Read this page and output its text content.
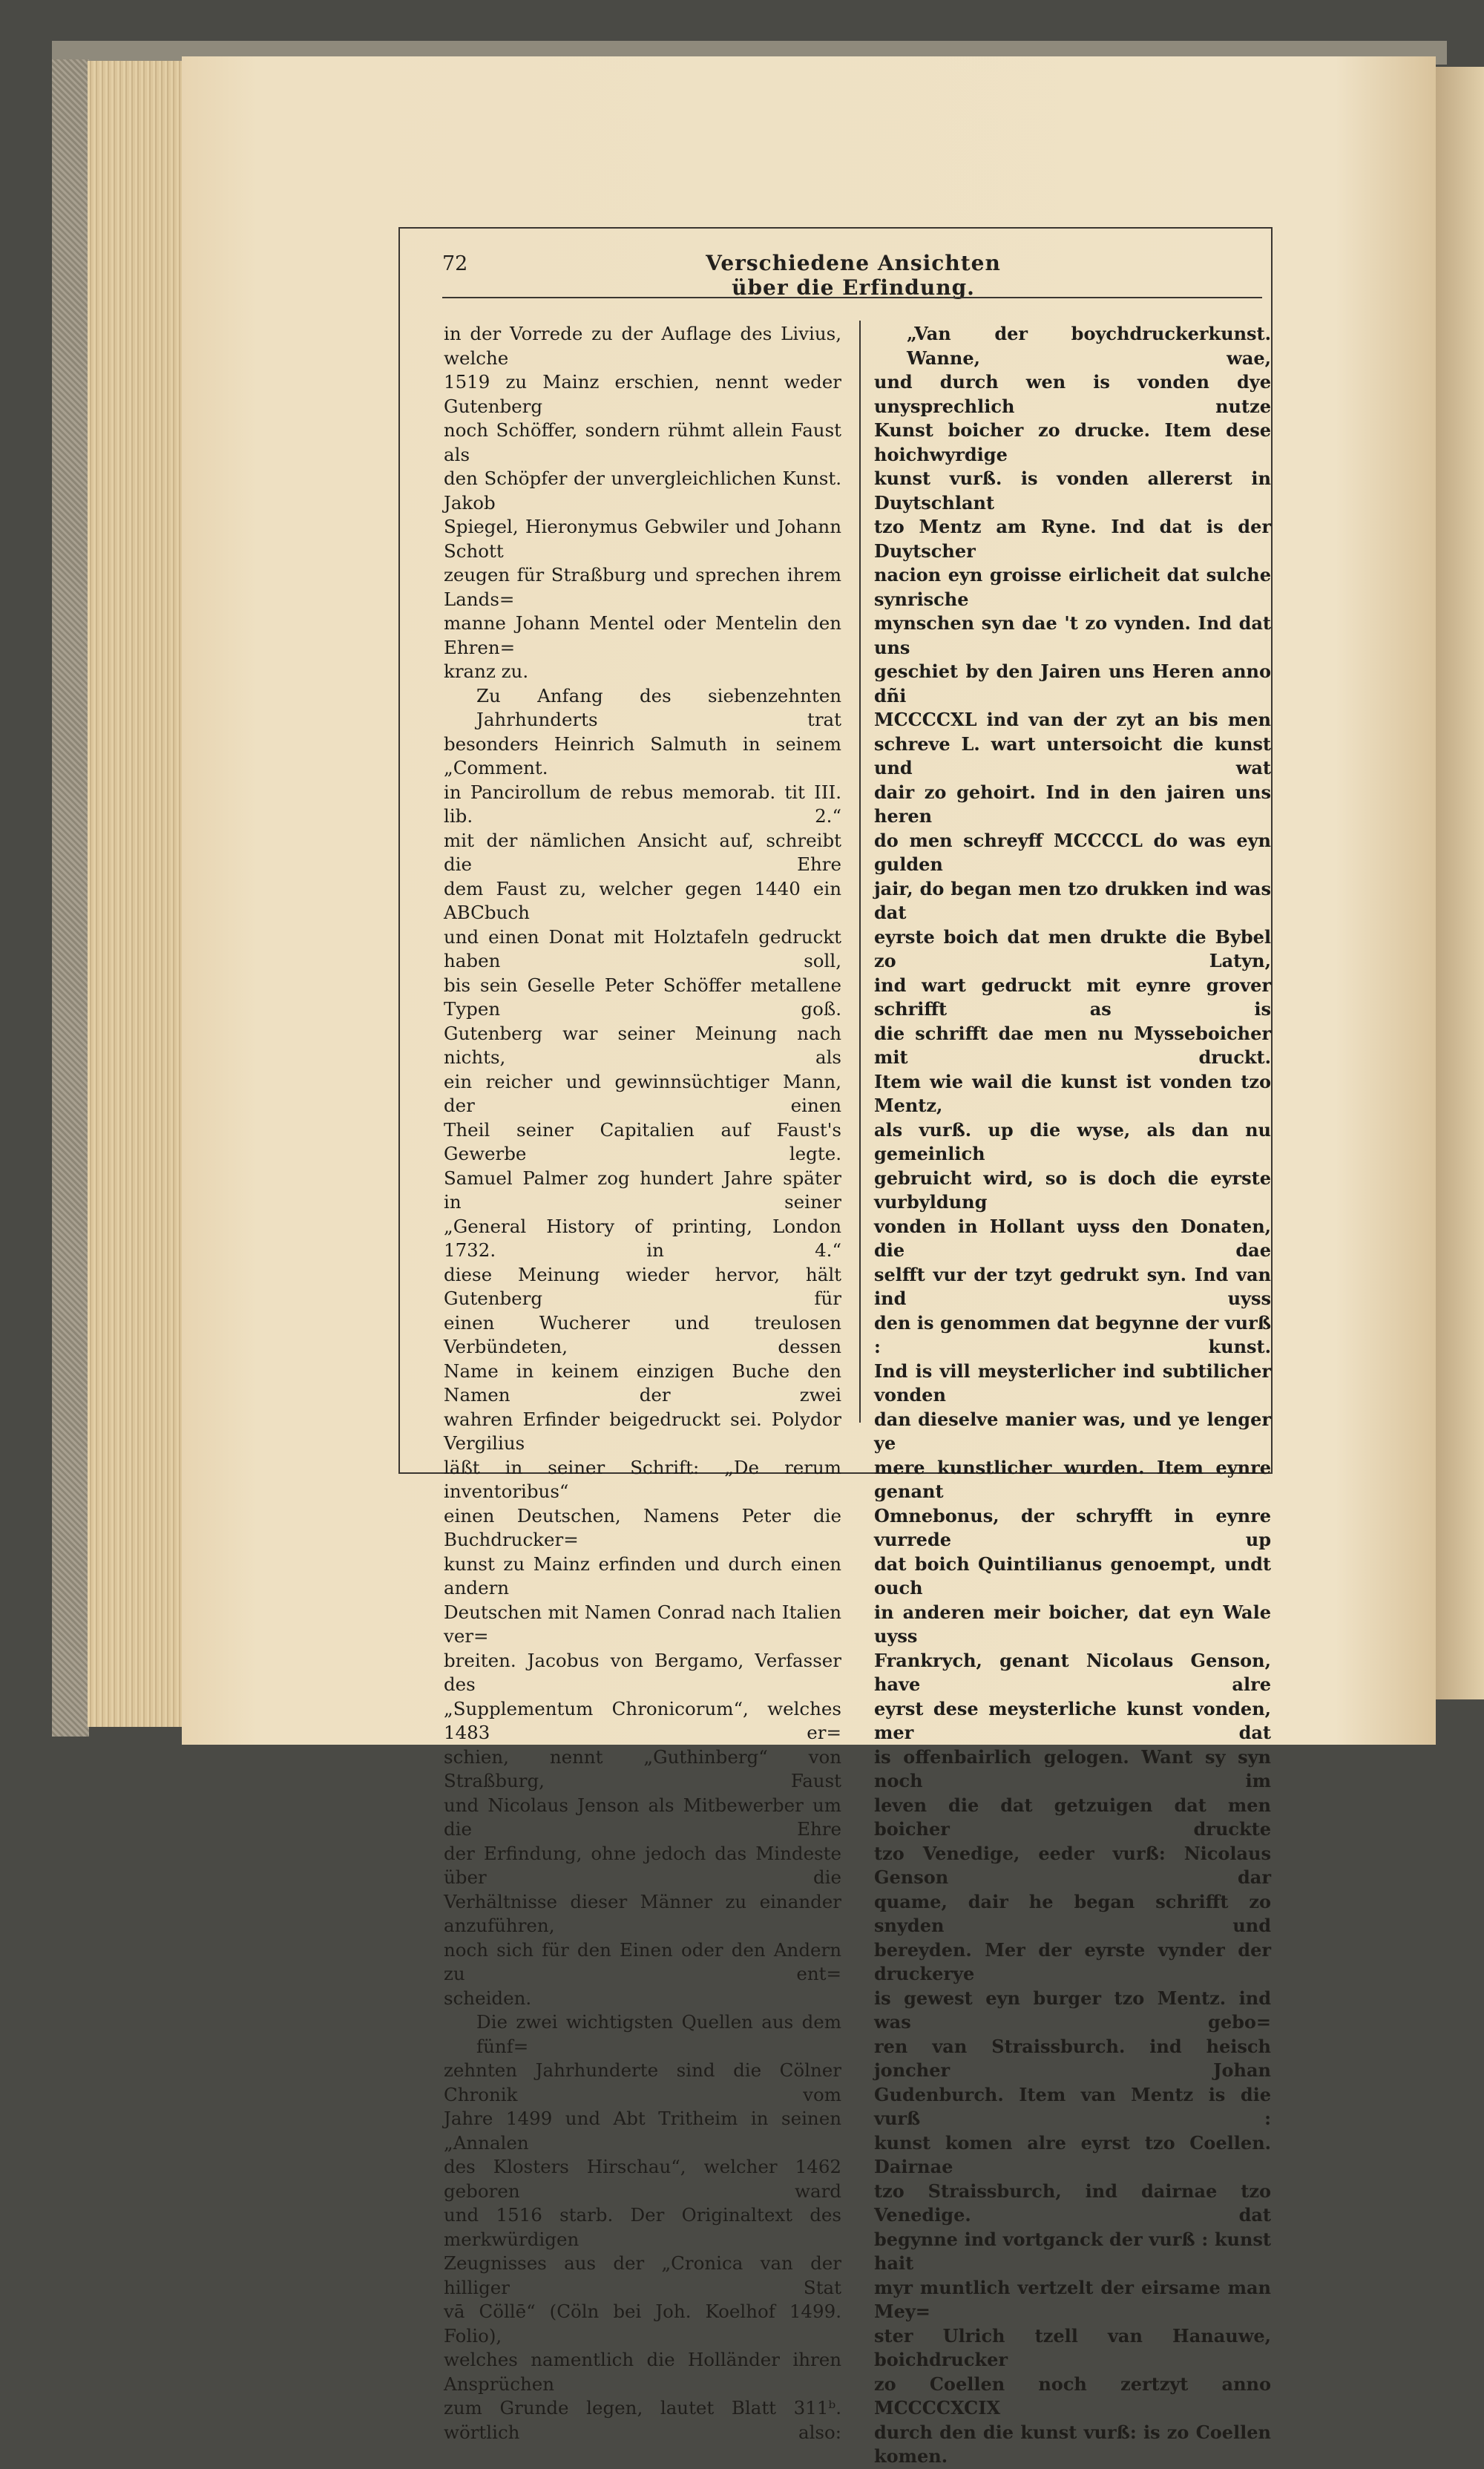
72	Verschiedene Ansichten über die Erfindung.
in der Vorrede zu der Auflage des Livius, welche
1519 zu Mainz erschien, nennt weder Gutenberg
noch Schöffer, sondern rühmt allein Faust als
den Schöpfer der unvergleichlichen Kunst. Jakob
Spiegel, Hieronymus Gebwiler und Johann Schott
zeugen für Straßburg und sprechen ihrem Lands=
manne Johann Mentel oder Mentelin den Ehren=
kranz zu.
Zu Anfang des siebenzehnten Jahrhunderts trat
besonders Heinrich Salmuth in seinem „Comment.
in Pancirollum de rebus memorab. tit III. lib. 2.“
mit der nämlichen Ansicht auf, schreibt die Ehre
dem Faust zu, welcher gegen 1440 ein ABCbuch
und einen Donat mit Holztafeln gedruckt haben soll,
bis sein Geselle Peter Schöffer metallene Typen goß.
Gutenberg war seiner Meinung nach nichts, als
ein reicher und gewinnsüchtiger Mann, der einen
Theil seiner Capitalien auf Faust's Gewerbe legte.
Samuel Palmer zog hundert Jahre später in seiner
„General History of printing, London 1732. in 4.“
diese Meinung wieder hervor, hält Gutenberg für
einen Wucherer und treulosen Verbündeten, dessen
Name in keinem einzigen Buche den Namen der zwei
wahren Erfinder beigedruckt sei. Polydor Vergilius
läßt in seiner Schrift: „De rerum inventoribus“
einen Deutschen, Namens Peter die Buchdrucker=
kunst zu Mainz erfinden und durch einen andern
Deutschen mit Namen Conrad nach Italien ver=
breiten. Jacobus von Bergamo, Verfasser des
„Supplementum Chronicorum“, welches 1483 er=
schien, nennt „Guthinberg“ von Straßburg, Faust
und Nicolaus Jenson als Mitbewerber um die Ehre
der Erfindung, ohne jedoch das Mindeste über die
Verhältnisse dieser Männer zu einander anzuführen,
noch sich für den Einen oder den Andern zu ent=
scheiden.
Die zwei wichtigsten Quellen aus dem fünf=
zehnten Jahrhunderte sind die Cölner Chronik vom
Jahre 1499 und Abt Tritheim in seinen „Annalen
des Klosters Hirschau“, welcher 1462 geboren ward
und 1516 starb. Der Originaltext des merkwürdigen
Zeugnisses aus der „Cronica van der hilliger Stat
vā Cöllē“ (Cöln bei Joh. Koelhof 1499. Folio),
welches namentlich die Holländer ihren Ansprüchen
zum Grunde legen, lautet Blatt 311ᵇ. wörtlich also:
„Van der boychdruckerkunst. Wanne, wae,
und durch wen is vonden dye unysprechlich nutze
Kunst boicher zo drucke. Item dese hoichwyrdige
kunst vurß. is vonden allererst in Duytschlant
tzo Mentz am Ryne. Ind dat is der Duytscher
nacion eyn groisse eirlicheit dat sulche synrische
mynschen syn dae 't zo vynden. Ind dat uns
geschiet by den Jairen uns Heren anno dñi
MCCCCXL ind van der zyt an bis men
schreve L. wart untersoicht die kunst und wat
dair zo gehoirt. Ind in den jairen uns heren
do men schreyff MCCCCL do was eyn gulden
jair, do began men tzo drukken ind was dat
eyrste boich dat men drukte die Bybel zo Latyn,
ind wart gedruckt mit eynre grover schrifft as is
die schrifft dae men nu Mysseboicher mit druckt.
Item wie wail die kunst ist vonden tzo Mentz,
als vurß. up die wyse, als dan nu gemeinlich
gebruicht wird, so is doch die eyrste vurbyldung
vonden in Hollant uyss den Donaten, die dae
selfft vur der tzyt gedrukt syn. Ind van ind uyss
den is genommen dat begynne der vurß : kunst.
Ind is vill meysterlicher ind subtilicher vonden
dan dieselve manier was, und ye lenger ye
mere kunstlicher wurden. Item eynre genant
Omnebonus, der schryfft in eynre vurrede up
dat boich Quintilianus genoempt, undt ouch
in anderen meir boicher, dat eyn Wale uyss
Frankrych, genant Nicolaus Genson, have alre
eyrst dese meysterliche kunst vonden, mer dat
is offenbairlich gelogen. Want sy syn noch im
leven die dat getzuigen dat men boicher druckte
tzo Venedige, eeder vurß: Nicolaus Genson dar
quame, dair he began schrifft zo snyden und
bereyden. Mer der eyrste vynder der druckerye
is gewest eyn burger tzo Mentz. ind was gebo=
ren van Straissburch. ind heisch joncher Johan
Gudenburch. Item van Mentz is die vurß :
kunst komen alre eyrst tzo Coellen. Dairnae
tzo Straissburch, ind dairnae tzo Venedige. dat
begynne ind vortganck der vurß : kunst hait
myr muntlich vertzelt der eirsame man Mey=
ster Ulrich tzell van Hanauwe, boichdrucker
zo Coellen noch zertzyt anno MCCCCXCIX
durch den die kunst vurß: is zo Coellen komen.
